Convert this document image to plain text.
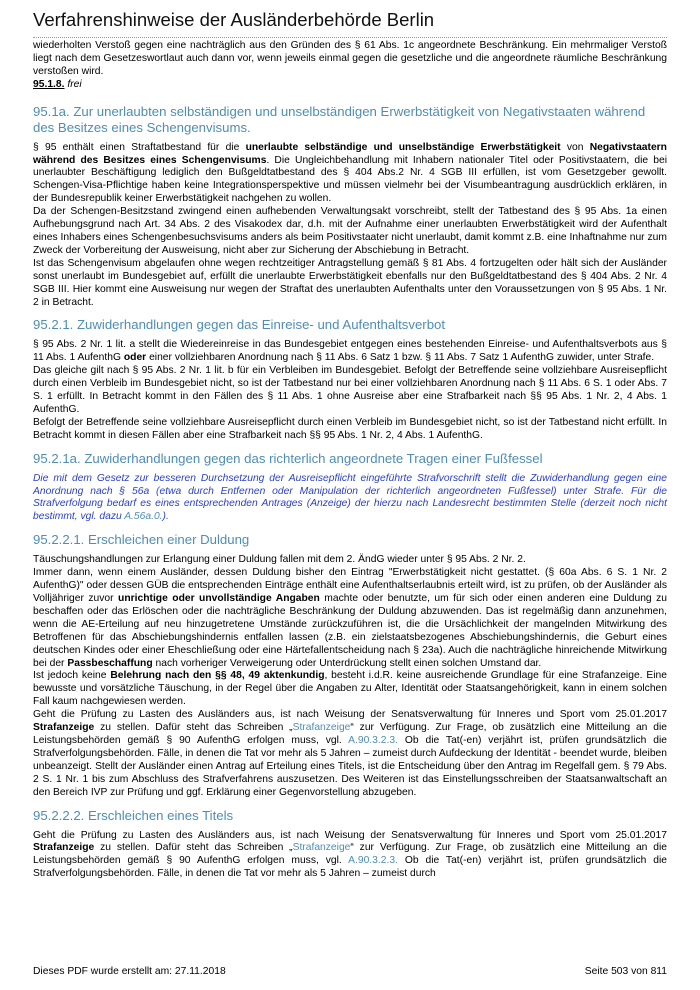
Verfahrenshinweise der Ausländerbehörde Berlin

wiederholten Verstoß gegen eine nachträglich aus den Gründen des § 61 Abs. 1c angeordnete Beschränkung. Ein mehrmaliger Verstoß liegt nach dem Gesetzeswortlaut auch dann vor, wenn jeweils einmal gegen die gesetzliche und die angeordnete räumliche Beschränkung verstoßen wird.

95.1.8. frei

95.1a. Zur unerlaubten selbständigen und unselbständigen Erwerbstätigkeit von Negativstaaten während des Besitzes eines Schengenvisums.

§ 95 enthält einen Straftatbestand für die unerlaubte selbständige und unselbständige Erwerbstätigkeit von Negativstaatern während des Besitzes eines Schengenvisums. Die Ungleichbehandlung mit Inhabern nationaler Titel oder Positivstaatern, die bei unerlaubter Beschäftigung lediglich den Bußgeldtatbestand des § 404 Abs.2 Nr. 4 SGB III erfüllen, ist vom Gesetzgeber gewollt. Schengen-Visa-Pflichtige haben keine Integrationsperspektive und müssen vielmehr bei der Visumbeantragung ausdrücklich erklären, in der Bundesrepublik keiner Erwerbstätigkeit nachgehen zu wollen.

Da der Schengen-Besitzstand zwingend einen aufhebenden Verwaltungsakt vorschreibt, stellt der Tatbestand des § 95 Abs. 1a einen Aufhebungsgrund nach Art. 34 Abs. 2 des Visakodex dar, d.h. mit der Aufnahme einer unerlaubten Erwerbstätigkeit wird der Aufenthalt eines Inhabers eines Schengenbesuchsvisums anders als beim Positivstaater nicht unerlaubt, damit kommt z.B. eine Inhaftnahme nur zum Zweck der Vorbereitung der Ausweisung, nicht aber zur Sicherung der Abschiebung in Betracht.

Ist das Schengenvisum abgelaufen ohne wegen rechtzeitiger Antragstellung gemäß § 81 Abs. 4 fortzugelten oder hält sich der Ausländer sonst unerlaubt im Bundesgebiet auf, erfüllt die unerlaubte Erwerbstätigkeit ebenfalls nur den Bußgeldtatbestand des § 404 Abs. 2 Nr. 4 SGB III. Hier kommt eine Ausweisung nur wegen der Straftat des unerlaubten Aufenthalts unter den Voraussetzungen von § 95 Abs. 1 Nr. 2 in Betracht.

95.2.1. Zuwiderhandlungen gegen das Einreise- und Aufenthaltsverbot

§ 95 Abs. 2 Nr. 1 lit. a stellt die Wiedereinreise in das Bundesgebiet entgegen eines bestehenden Einreise- und Aufenthaltsverbots aus § 11 Abs. 1 AufenthG oder einer vollziehbaren Anordnung nach § 11 Abs. 6 Satz 1 bzw. § 11 Abs. 7 Satz 1 AufenthG zuwider, unter Strafe.

Das gleiche gilt nach § 95 Abs. 2 Nr. 1 lit. b für ein Verbleiben im Bundesgebiet. Befolgt der Betreffende seine vollziehbare Ausreisepflicht durch einen Verbleib im Bundesgebiet nicht, so ist der Tatbestand nur bei einer vollziehbaren Anordnung nach § 11 Abs. 6 S. 1 oder Abs. 7 S. 1 erfüllt. In Betracht kommt in den Fällen des § 11 Abs. 1 ohne Ausreise aber eine Strafbarkeit nach §§ 95 Abs. 1 Nr. 2, 4 Abs. 1 AufenthG.

Befolgt der Betreffende seine vollziehbare Ausreisepflicht durch einen Verbleib im Bundesgebiet nicht, so ist der Tatbestand nicht erfüllt. In Betracht kommt in diesen Fällen aber eine Strafbarkeit nach §§ 95 Abs. 1 Nr. 2, 4 Abs. 1 AufenthG.

95.2.1a. Zuwiderhandlungen gegen das richterlich angeordnete Tragen einer Fußfessel

Die mit dem Gesetz zur besseren Durchsetzung der Ausreisepflicht eingeführte Strafvorschrift stellt die Zuwiderhandlung gegen eine Anordnung nach § 56a (etwa durch Entfernen oder Manipulation der richterlich angeordneten Fußfessel) unter Strafe. Für die Strafverfolgung bedarf es eines entsprechenden Antrages (Anzeige) der hierzu nach Landesrecht bestimmten Stelle (derzeit noch nicht bestimmt, vgl. dazu A.56a.0.).

95.2.2.1. Erschleichen einer Duldung

Täuschungshandlungen zur Erlangung einer Duldung fallen mit dem 2. ÄndG wieder unter § 95 Abs. 2 Nr. 2.

Immer dann, wenn einem Ausländer, dessen Duldung bisher den Eintrag "Erwerbstätigkeit nicht gestattet. (§ 60a Abs. 6 S. 1 Nr. 2 AufenthG)" oder dessen GÜB die entsprechenden Einträge enthält eine Aufenthaltserlaubnis erteilt wird, ist zu prüfen, ob der Ausländer als Volljähriger zuvor unrichtige oder unvollständige Angaben machte oder benutzte, um für sich oder einen anderen eine Duldung zu beschaffen oder das Erlöschen oder die nachträgliche Beschränkung der Duldung abzuwenden. Das ist regelmäßig dann anzunehmen, wenn die AE-Erteilung auf neu hinzugetretene Umstände zurückzuführen ist, die die Ursächlichkeit der mangelnden Mitwirkung des Betroffenen für das Abschiebungshindernis entfallen lassen (z.B. ein zielstaatsbezogenes Abschiebungshindernis, die Geburt eines deutschen Kindes oder einer Eheschließung oder eine Härtefallentscheidung nach § 23a). Auch die nachträgliche hinreichende Mitwirkung bei der Passbeschaffung nach vorheriger Verweigerung oder Unterdrückung stellt einen solchen Umstand dar.

Ist jedoch keine Belehrung nach den §§ 48, 49 aktenkundig, besteht i.d.R. keine ausreichende Grundlage für eine Strafanzeige. Eine bewusste und vorsätzliche Täuschung, in der Regel über die Angaben zu Alter, Identität oder Staatsangehörigkeit, kann in einem solchen Fall kaum nachgewiesen werden.

Geht die Prüfung zu Lasten des Ausländers aus, ist nach Weisung der Senatsverwaltung für Inneres und Sport vom 25.01.2017 Strafanzeige zu stellen. Dafür steht das Schreiben „Strafanzeige“ zur Verfügung. Zur Frage, ob zusätzlich eine Mitteilung an die Leistungsbehörden gemäß § 90 AufenthG erfolgen muss, vgl. A.90.3.2.3. Ob die Tat(-en) verjährt ist, prüfen grundsätzlich die Strafverfolgungsbehörden. Fälle, in denen die Tat vor mehr als 5 Jahren – zumeist durch Aufdeckung der Identität - beendet wurde, bleiben unbeanzeigt. Stellt der Ausländer einen Antrag auf Erteilung eines Titels, ist die Entscheidung über den Antrag im Regelfall gem. § 79 Abs. 2 S. 1 Nr. 1 bis zum Abschluss des Strafverfahrens auszusetzen. Des Weiteren ist das Einstellungsschreiben der Staatsanwaltschaft an den Bereich IVP zur Prüfung und ggf. Erklärung einer Gegenvorstellung abzugeben.

95.2.2.2. Erschleichen eines Titels

Geht die Prüfung zu Lasten des Ausländers aus, ist nach Weisung der Senatsverwaltung für Inneres und Sport vom 25.01.2017 Strafanzeige zu stellen. Dafür steht das Schreiben „Strafanzeige“ zur Verfügung. Zur Frage, ob zusätzlich eine Mitteilung an die Leistungsbehörden gemäß § 90 AufenthG erfolgen muss, vgl. A.90.3.2.3. Ob die Tat(-en) verjährt ist, prüfen grundsätzlich die Strafverfolgungsbehörden. Fälle, in denen die Tat vor mehr als 5 Jahren – zumeist durch

Dieses PDF wurde erstellt am: 27.11.2018	Seite 503 von 811
